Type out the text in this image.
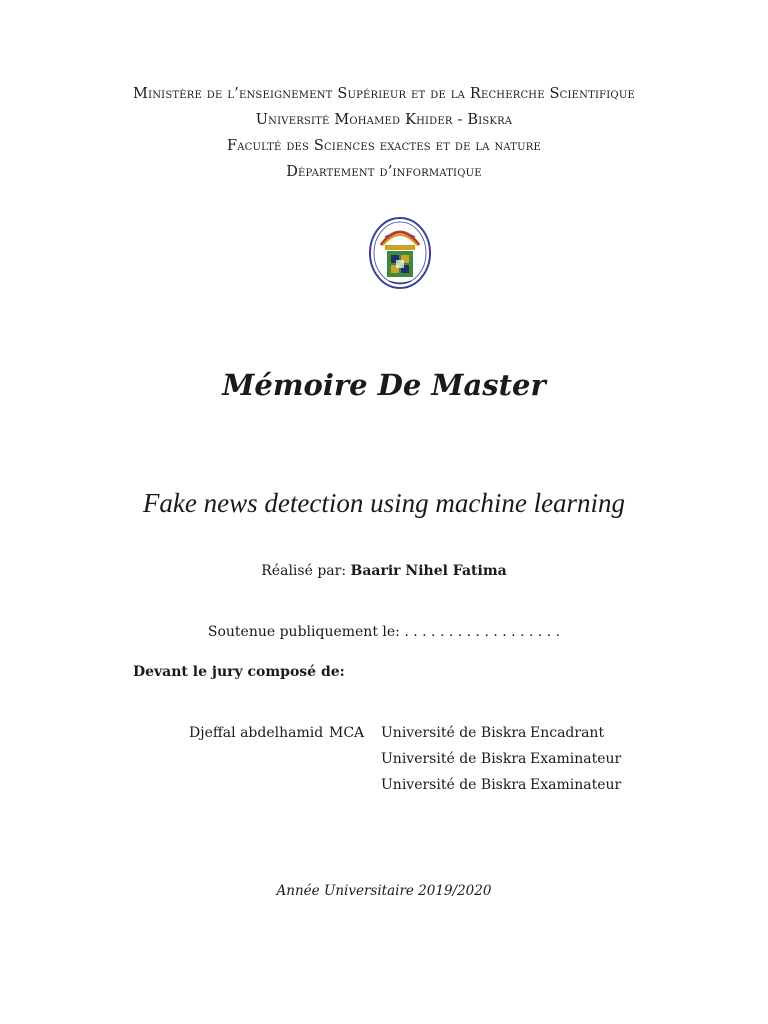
Ministère de l’enseignement Supérieur et de la Recherche Scientifique
Université Mohamed Khider - Biskra
Faculté des Sciences exactes et de la nature
Département d’informatique
Mémoire De Master
Fake news detection using machine learning
Réalisé par: Baarir Nihel Fatima
Soutenue publiquement le: . . . . . . . . . . . . . . . . . .
Devant le jury composé de:
Djeffal abdelhamid MCA Université de Biskra Encadrant
Université de Biskra Examinateur
Université de Biskra Examinateur
Année Universitaire 2019/2020
